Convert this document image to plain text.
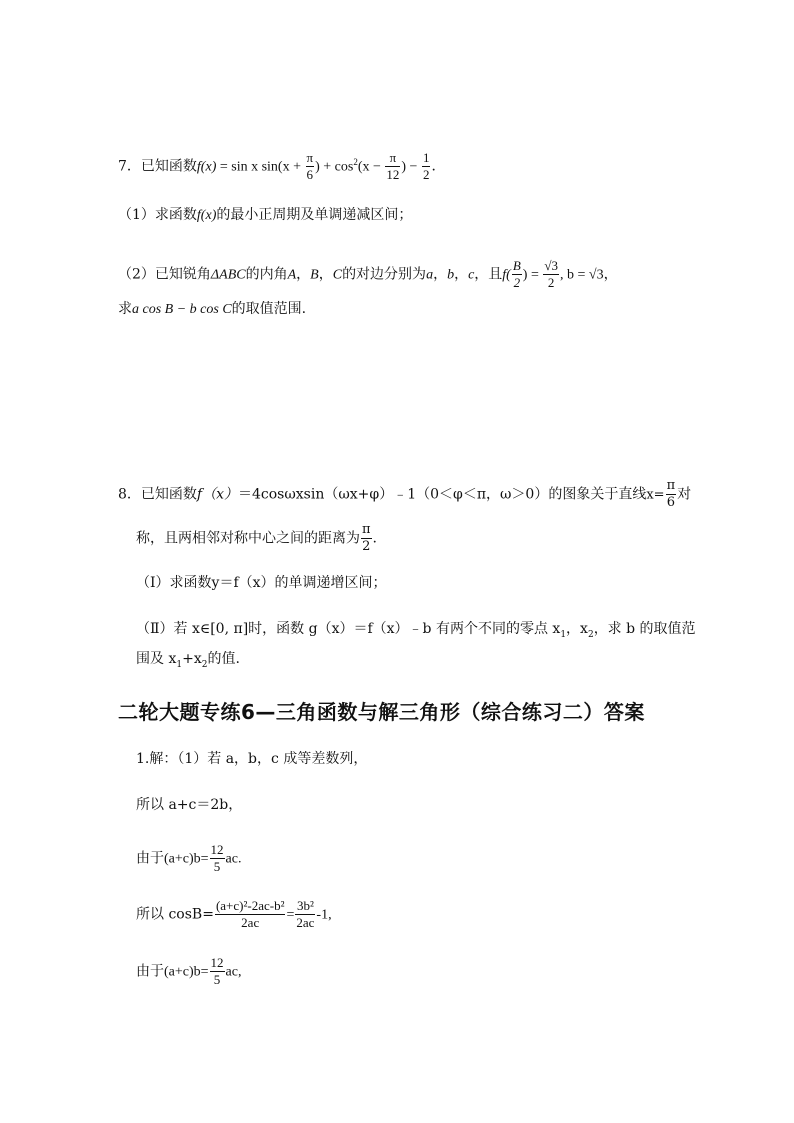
7．已知函数f(x) = sin x $\sin(x + \frac{\pi}{6}$ ) + $\cos^2(x - \frac{\pi}{12}$ ) − $\frac{1}{2}$ ．
（1）求函数f(x)的最小正周期及单调递减区间；
（2）已知锐角ΔABC的内角A，B，C的对边分别为a，b，c，且$f( \frac{B}{2}$ ) = $\frac{√3}{2}$ , b = √3，
求a cos B − b cos C的取值范围.
8．已知函数f（x）＝4cosωxsin（ωx+φ）﹣1（0＜φ＜π，ω＞0）的图象关于直线$x= \frac{\pi}{6}$ 对
称，且两相邻对称中心之间的距离为 $\frac{\pi}{2}$ .
（Ⅰ）求函数y＝f（x）的单调递增区间；
（Ⅱ）若 x∈[0, π]时，函数 g（x）＝f（x）﹣b 有两个不同的零点 $x_1$，$x_2$，求 b 的取值范
围及 $x_1+x_2$的值.
二轮大题专练6—三角函数与解三角形（综合练习二）答案
1.解：（1）若 a，b，c 成等差数列，
所以 a+c＝2b，
由于$(a+c)b= \frac{12}{5}$ ac.
所以 $\cos B= \frac{\text{(a+c)²-2ac-b²}}{2ac} = \frac{\text{3b²}}{2ac} -1$,
由于$(a+c)b= \frac{12}{5}$ ac,
